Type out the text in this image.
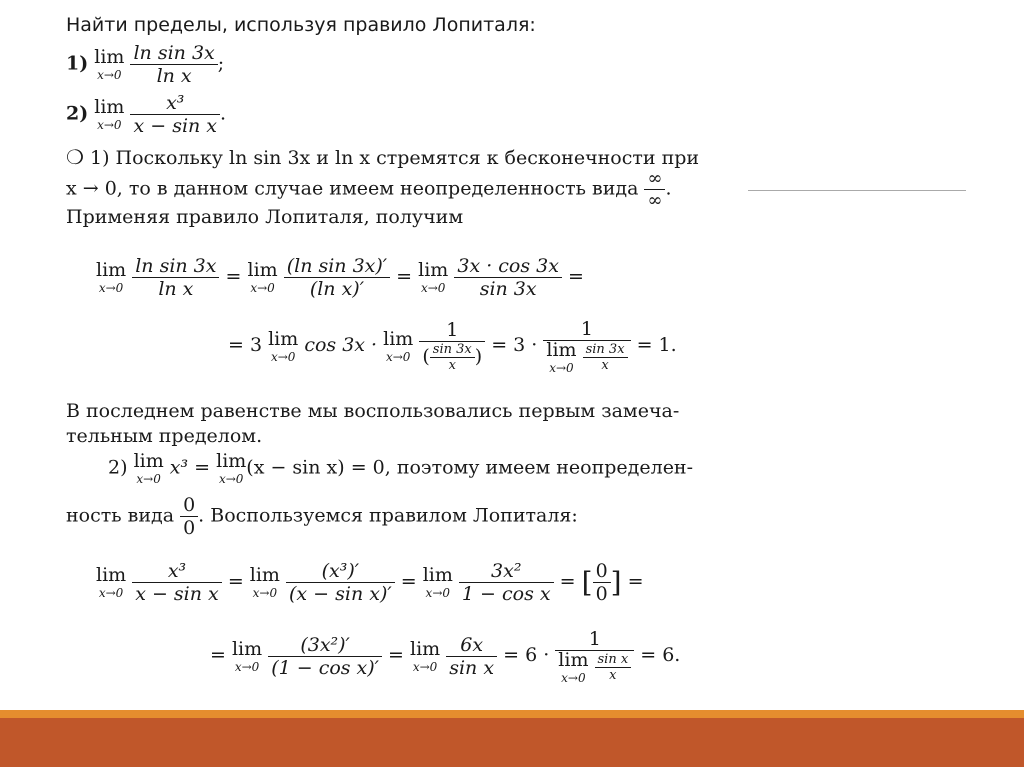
Найти пределы, используя правило Лопиталя:
1) lim
x→0
$\frac{\text{ln sin 3x}}{\text{ln x}}$ ;
2) lim
x→0
$\frac{\text{x³}}{\text{x − sin x}}$ .
❍ 1) Поскольку ln sin 3x и ln x стремятся к бесконечности при
x → 0, то в данном случае имеем неопределенность вида $\frac{\infty}{\infty}$ .
Применяя правило Лопиталя, получим
lim
x→0
$\frac{\text{ln sin 3x}}{\text{ln x}} = \lim$
x→0
$\frac{\text{(ln sin 3x)′}}{\text{(ln x)′}} = \lim$
x→0
$\frac{3x \cdot \cos 3x}{\sin 3x}$ =
= 3 lim
x→0
cos 3x · lim
x→0
$\frac{1}{( \frac{\sin 3x}{x} )} = 3 \cdot 1$
lim
x→0
$\frac{\sin 3x}{x} = 1$.
В последнем равенстве мы воспользовались первым замеча-
тельным пределом.
2) lim
x→0
x³ = lim
x→0
(x − sin x) = 0, поэтому имеем неопределен-
ность вида $\frac{0}{0}$ . Воспользуемся правилом Лопиталя:
lim
x→0
$\frac{\text{x³}}{\text{x − sin x}} = \lim$
x→0
$\frac{\text{(x³)′}}{\text{(x − sin x)′}} = \lim$
x→0
$\frac{\text{3x²}}{\text{1 − cos x}}$ = [ $\frac{0}{0}$ ] =
= lim
x→0
$\frac{\text{(3x²)′}}{\text{(1 − cos x)′}} = \lim$
x→0
$\frac{6x}{\text{sin x}} = 6 \cdot 1$
lim
x→0
$\frac{\text{sin x}}{x} = 6$.
